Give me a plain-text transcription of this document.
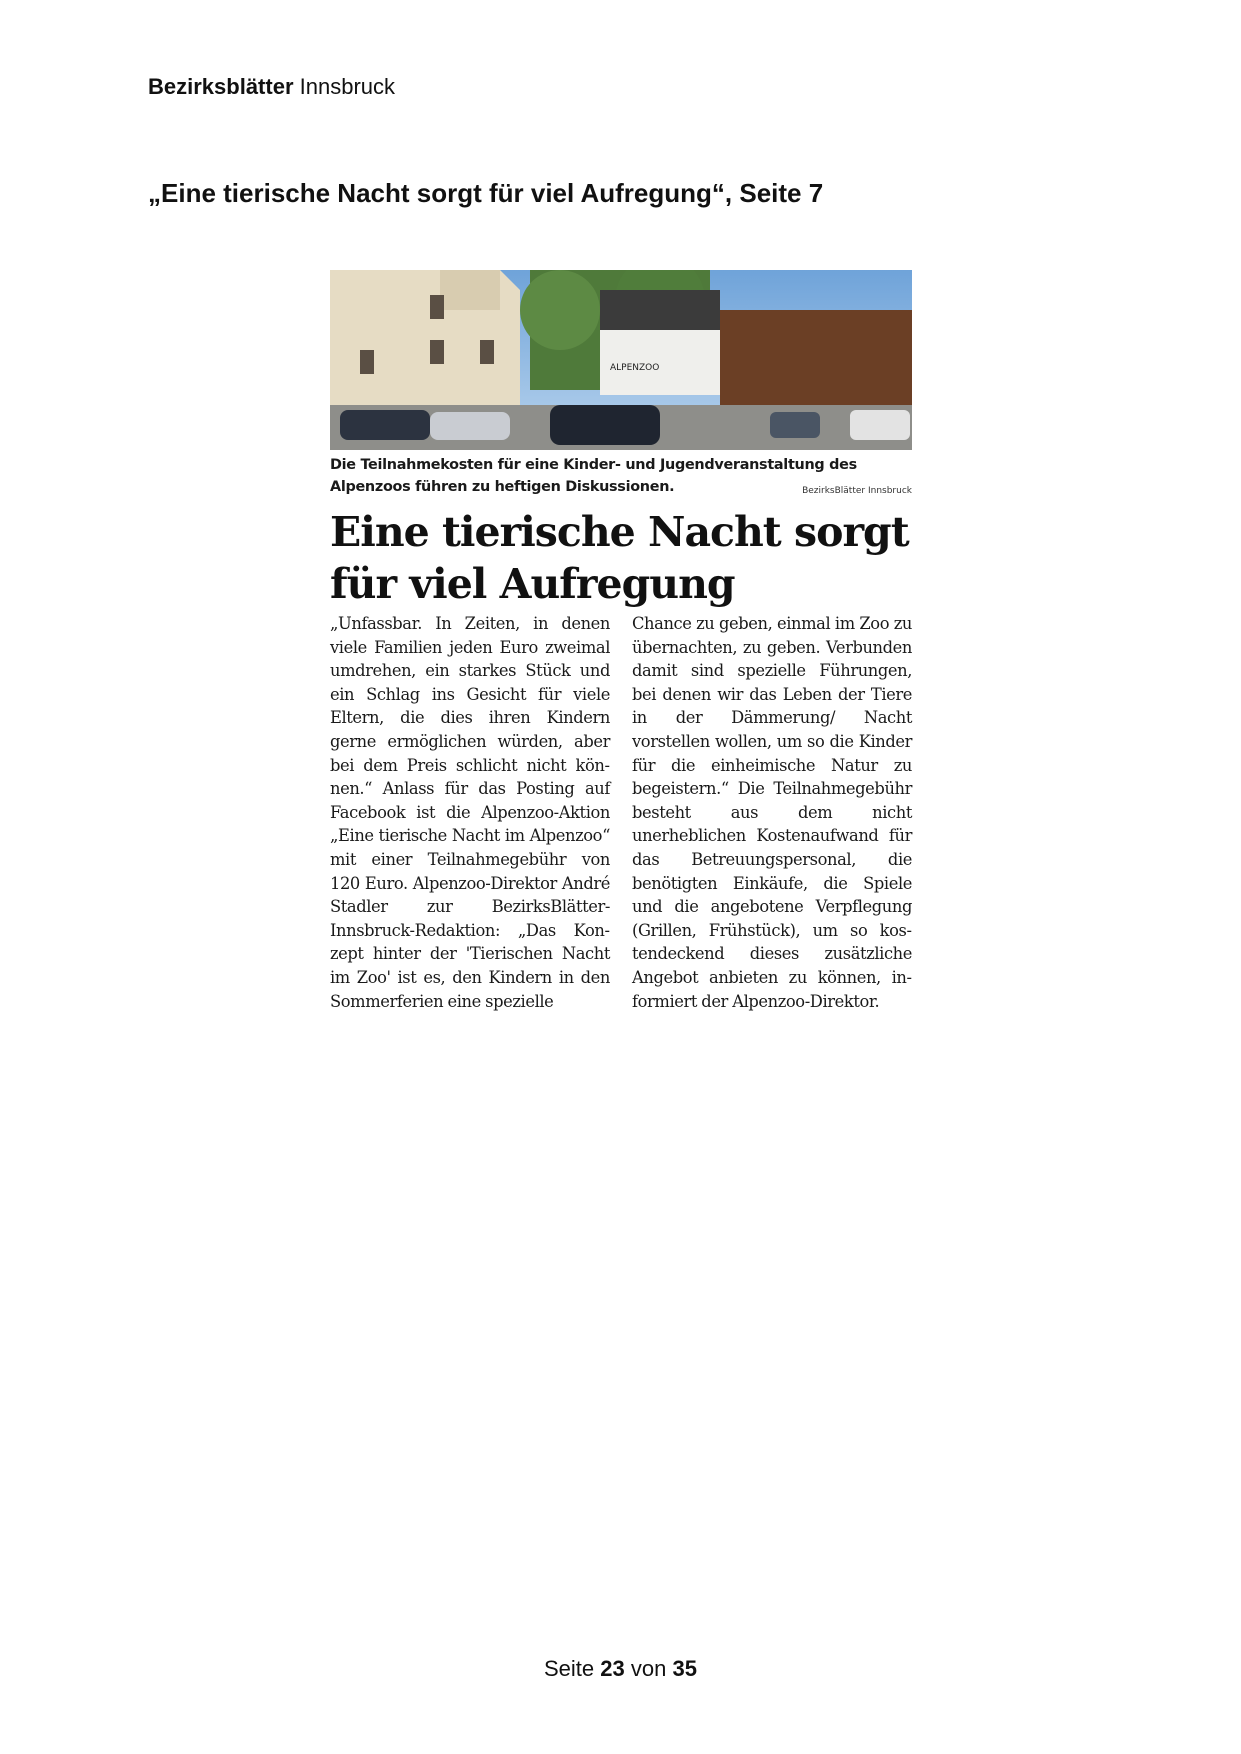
Bezirksblätter Innsbruck
„Eine tierische Nacht sorgt für viel Aufregung“, Seite 7
ALPENZOO
Die Teilnahmekosten für eine Kinder- und Jugendveranstaltung des Alpenzoos führen zu heftigen Diskussionen.	BezirksBlätter Innsbruck
Eine tierische Nacht sorgt für viel Aufregung
„Unfassbar. In Zeiten, in denen viele Familien jeden Euro zweimal umdrehen, ein starkes Stück und ein Schlag ins Gesicht für viele Eltern, die dies ihren Kindern gerne ermöglichen würden, aber bei dem Preis schlicht nicht können.“ Anlass für das Posting auf Facebook ist die Alpenzoo-Aktion „Eine tierische Nacht im Alpenzoo“ mit einer Teilnahmegebühr von 120 Euro. Alpenzoo-Direktor André Stadler zur BezirksBlätter-Innsbruck-Redaktion: „Das Konzept hinter der 'Tierischen Nacht im Zoo' ist es, den Kindern in den Sommerferien eine spezielle
Chance zu geben, einmal im Zoo zu übernachten, zu geben. Verbunden damit sind spezielle Führungen, bei denen wir das Leben der Tiere in der Dämmerung/ Nacht vorstellen wollen, um so die Kinder für die einheimische Natur zu begeistern.“ Die Teilnahmegebühr besteht aus dem nicht unerheblichen Kostenaufwand für das Betreuungspersonal, die benötigten Einkäufe, die Spiele und die angebotene Verpflegung (Grillen, Frühstück), um so kostendeckend dieses zusätzliche Angebot anbieten zu können, informiert der Alpenzoo-Direktor.
Seite 23 von 35
